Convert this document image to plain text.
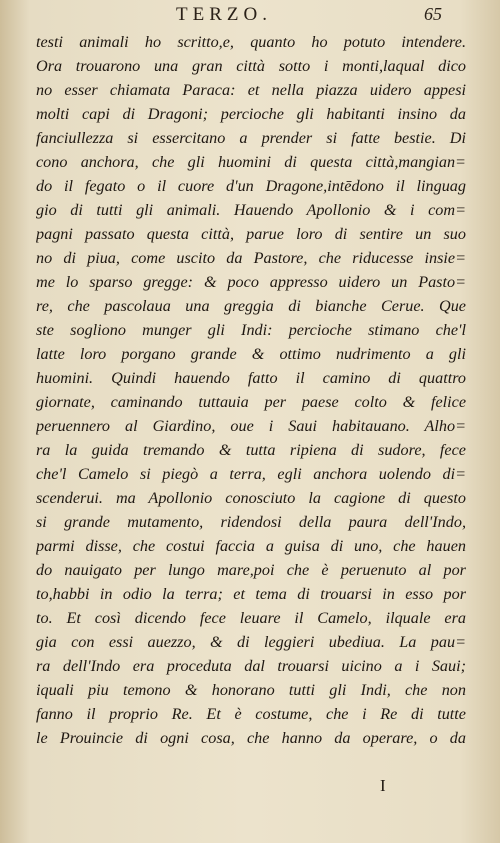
TERZO.	65
testi animali ho scritto,e, quanto ho potuto intendere.
Ora trouarono una gran città sotto i monti,laqual dico
no esser chiamata Paraca: et nella piazza uidero appesi
molti capi di Dragoni; percioche gli habitanti insino da
fanciullezza si essercitano a prender si fatte bestie. Di
cono anchora, che gli huomini di questa città,mangian=
do il fegato o il cuore d'un Dragone,intēdono il linguag
gio di tutti gli animali. Hauendo Apollonio & i com=
pagni passato questa città, parue loro di sentire un suo
no di piua, come uscito da Pastore, che riducesse insie=
me lo sparso gregge: & poco appresso uidero un Pasto=
re, che pascolaua una greggia di bianche Cerue. Que
ste sogliono munger gli Indi: percioche stimano che'l
latte loro porgano grande & ottimo nudrimento a gli
huomini. Quindi hauendo fatto il camino di quattro
giornate, caminando tuttauia per paese colto & felice
peruennero al Giardino, oue i Saui habitauano. Alho=
ra la guida tremando & tutta ripiena di sudore, fece
che'l Camelo si piegò a terra, egli anchora uolendo di=
scenderui. ma Apollonio conosciuto la cagione di questo
si grande mutamento, ridendosi della paura dell'Indo,
parmi disse, che costui faccia a guisa di uno, che hauen
do nauigato per lungo mare,poi che è peruenuto al por
to,habbi in odio la terra; et tema di trouarsi in esso por
to. Et così dicendo fece leuare il Camelo, ilquale era
gia con essi auezzo, & di leggieri ubediua. La pau=
ra dell'Indo era proceduta dal trouarsi uicino a i Saui;
iquali piu temono & honorano tutti gli Indi, che non
fanno il proprio Re. Et è costume, che i Re di tutte
le Prouincie di ogni cosa, che hanno da operare, o da
I
